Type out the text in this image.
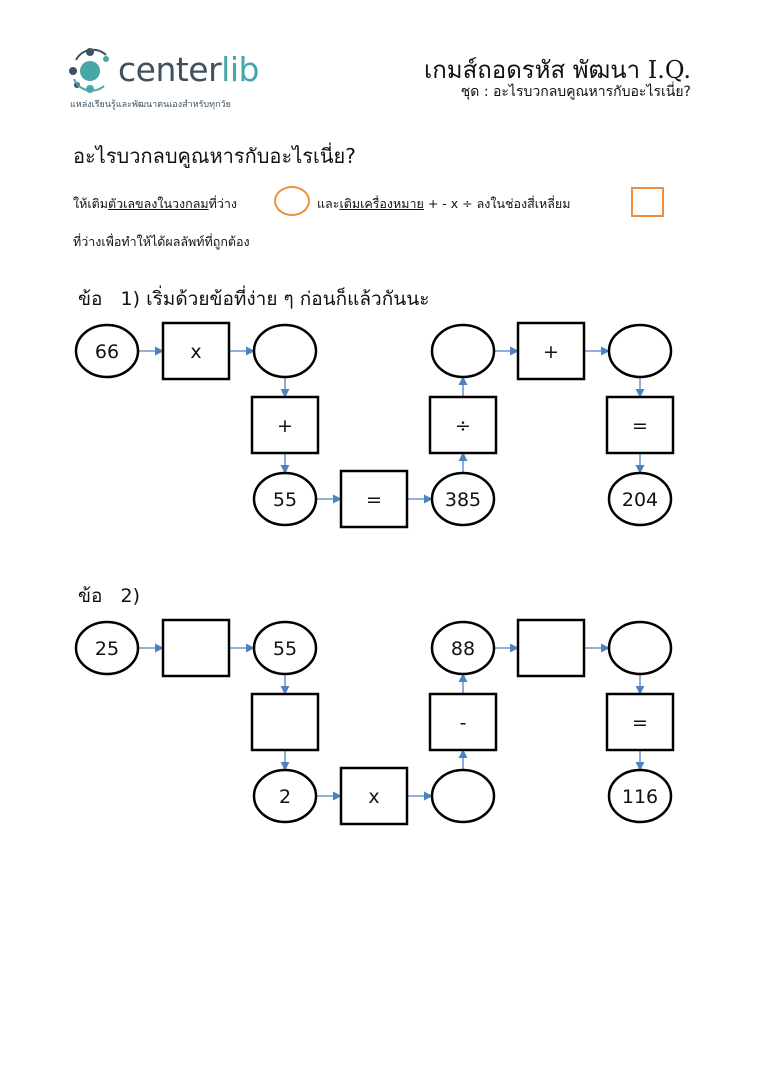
centerlib
แหล่งเรียนรู้และพัฒนาตนเองสำหรับทุกวัย
เกมส์ถอดรหัส พัฒนา I.Q.
ชุด : อะไรบวกลบคูณหารกับอะไรเนี่ย?
อะไรบวกลบคูณหารกับอะไรเนี่ย?
ให้เติมตัวเลขลงในวงกลมที่ว่าง	และเติมเครื่องหมาย + - x ÷ ลงในช่องสี่เหลี่ยม
ที่ว่างเพื่อทำให้ได้ผลลัพท์ที่ถูกต้อง
ข้อ 1) เริ่มด้วยข้อที่ง่าย ๆ ก่อนก็แล้วกันนะ
ข้อ 2)
66	x
+
55	=	385
÷
+
=
204
25	55
2	x
-
88
=
116
